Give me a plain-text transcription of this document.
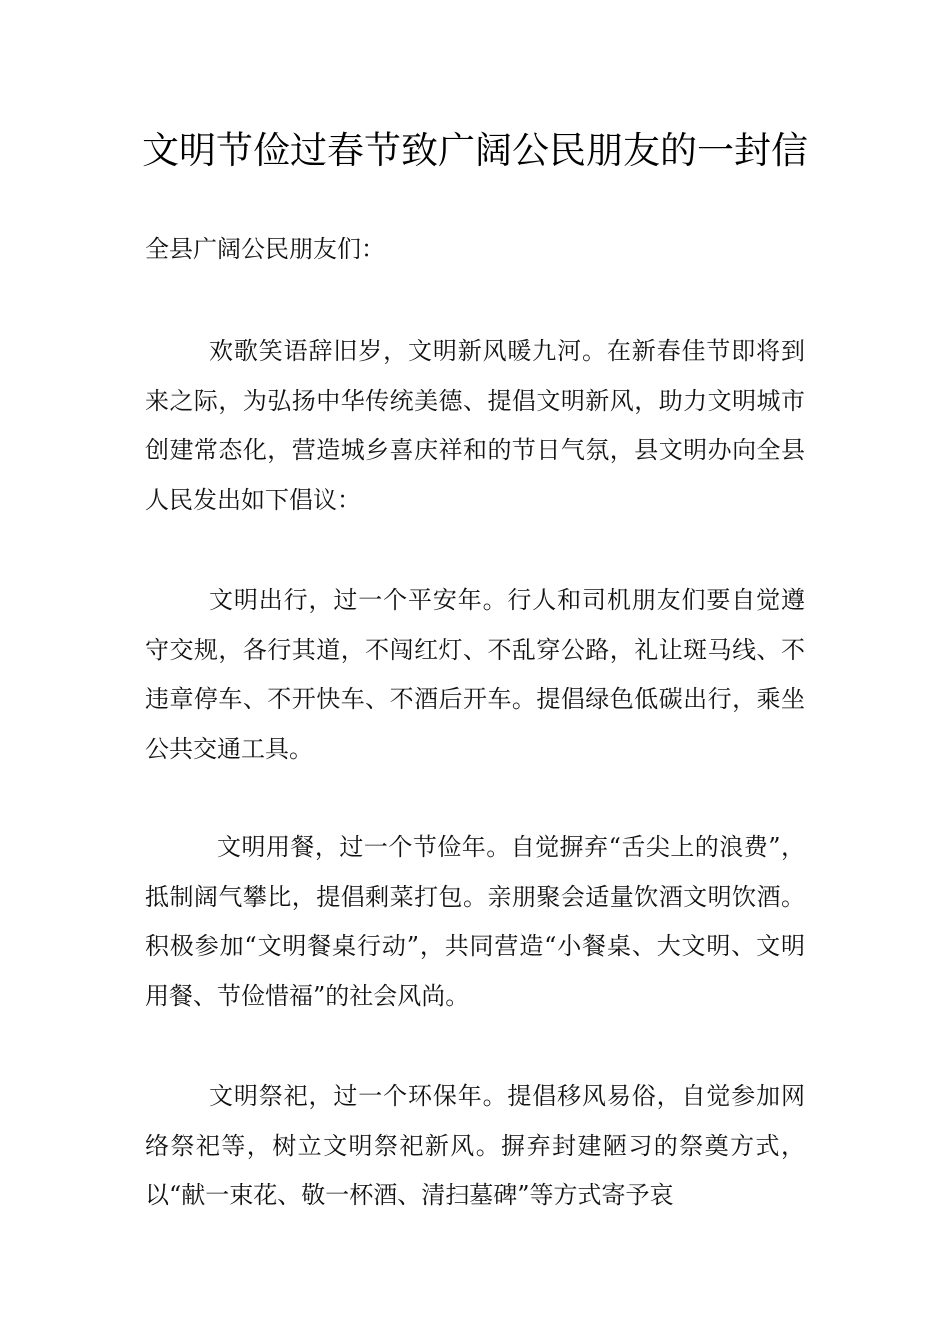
文明节俭过春节致广阔公民朋友的一封信

全县广阔公民朋友们：

欢歌笑语辞旧岁，文明新风暖九河。在新春佳节即将到来之际，为弘扬中华传统美德、提倡文明新风，助力文明城市创建常态化，营造城乡喜庆祥和的节日气氛，县文明办向全县人民发出如下倡议：

文明出行，过一个平安年。行人和司机朋友们要自觉遵守交规，各行其道，不闯红灯、不乱穿公路，礼让斑马线、不违章停车、不开快车、不酒后开车。提倡绿色低碳出行，乘坐公共交通工具。

文明用餐，过一个节俭年。自觉摒弃“舌尖上的浪费”，抵制阔气攀比，提倡剩菜打包。亲朋聚会适量饮酒文明饮酒。积极参加“文明餐桌行动”，共同营造“小餐桌、大文明、文明用餐、节俭惜福”的社会风尚。

文明祭祀，过一个环保年。提倡移风易俗，自觉参加网络祭祀等，树立文明祭祀新风。摒弃封建陋习的祭奠方式，以“献一束花、敬一杯酒、清扫墓碑”等方式寄予哀
